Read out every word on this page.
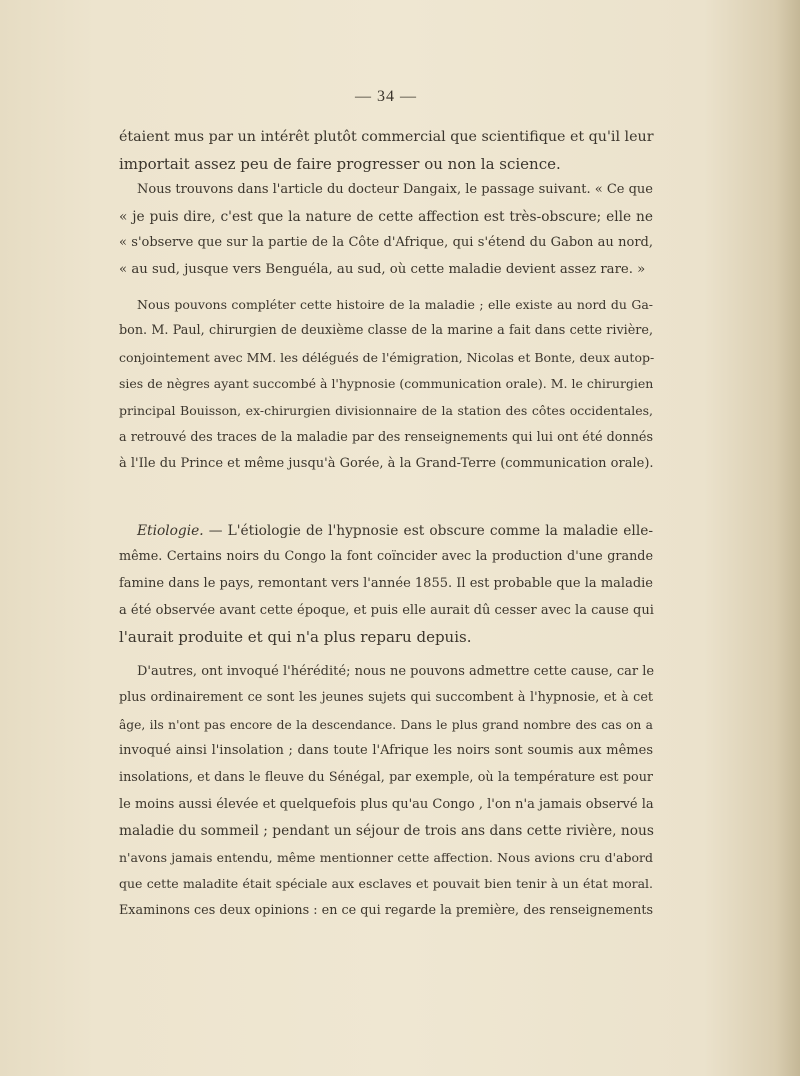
— 34 —
étaient mus par un intérêt plutôt commercial que scientifique et qu'il leur
importait assez peu de faire progresser ou non la science.
Nous trouvons dans l'article du docteur Dangaix, le passage suivant. « Ce que
« je puis dire, c'est que la nature de cette affection est très-obscure; elle ne
« s'observe que sur la partie de la Côte d'Afrique, qui s'étend du Gabon au nord,
« au sud, jusque vers Benguéla, au sud, où cette maladie devient assez rare. »
Nous pouvons compléter cette histoire de la maladie ; elle existe au nord du Ga-
bon. M. Paul, chirurgien de deuxième classe de la marine a fait dans cette rivière,
conjointement avec MM. les délégués de l'émigration, Nicolas et Bonte, deux autop-
sies de nègres ayant succombé à l'hypnosie (communication orale). M. le chirurgien
principal Bouisson, ex-chirurgien divisionnaire de la station des côtes occidentales,
a retrouvé des traces de la maladie par des renseignements qui lui ont été donnés
à l'Ile du Prince et même jusqu'à Gorée, à la Grand-Terre (communication orale).
Etiologie. — L'étiologie de l'hypnosie est obscure comme la maladie elle-
même. Certains noirs du Congo la font coïncider avec la production d'une grande
famine dans le pays, remontant vers l'année 1855. Il est probable que la maladie
a été observée avant cette époque, et puis elle aurait dû cesser avec la cause qui
l'aurait produite et qui n'a plus reparu depuis.
D'autres, ont invoqué l'hérédité; nous ne pouvons admettre cette cause, car le
plus ordinairement ce sont les jeunes sujets qui succombent à l'hypnosie, et à cet
âge, ils n'ont pas encore de la descendance. Dans le plus grand nombre des cas on a
invoqué ainsi l'insolation ; dans toute l'Afrique les noirs sont soumis aux mêmes
insolations, et dans le fleuve du Sénégal, par exemple, où la température est pour
le moins aussi élevée et quelquefois plus qu'au Congo , l'on n'a jamais observé la
maladie du sommeil ; pendant un séjour de trois ans dans cette rivière, nous
n'avons jamais entendu, même mentionner cette affection. Nous avions cru d'abord
que cette maladite était spéciale aux esclaves et pouvait bien tenir à un état moral.
Examinons ces deux opinions : en ce qui regarde la première, des renseignements
